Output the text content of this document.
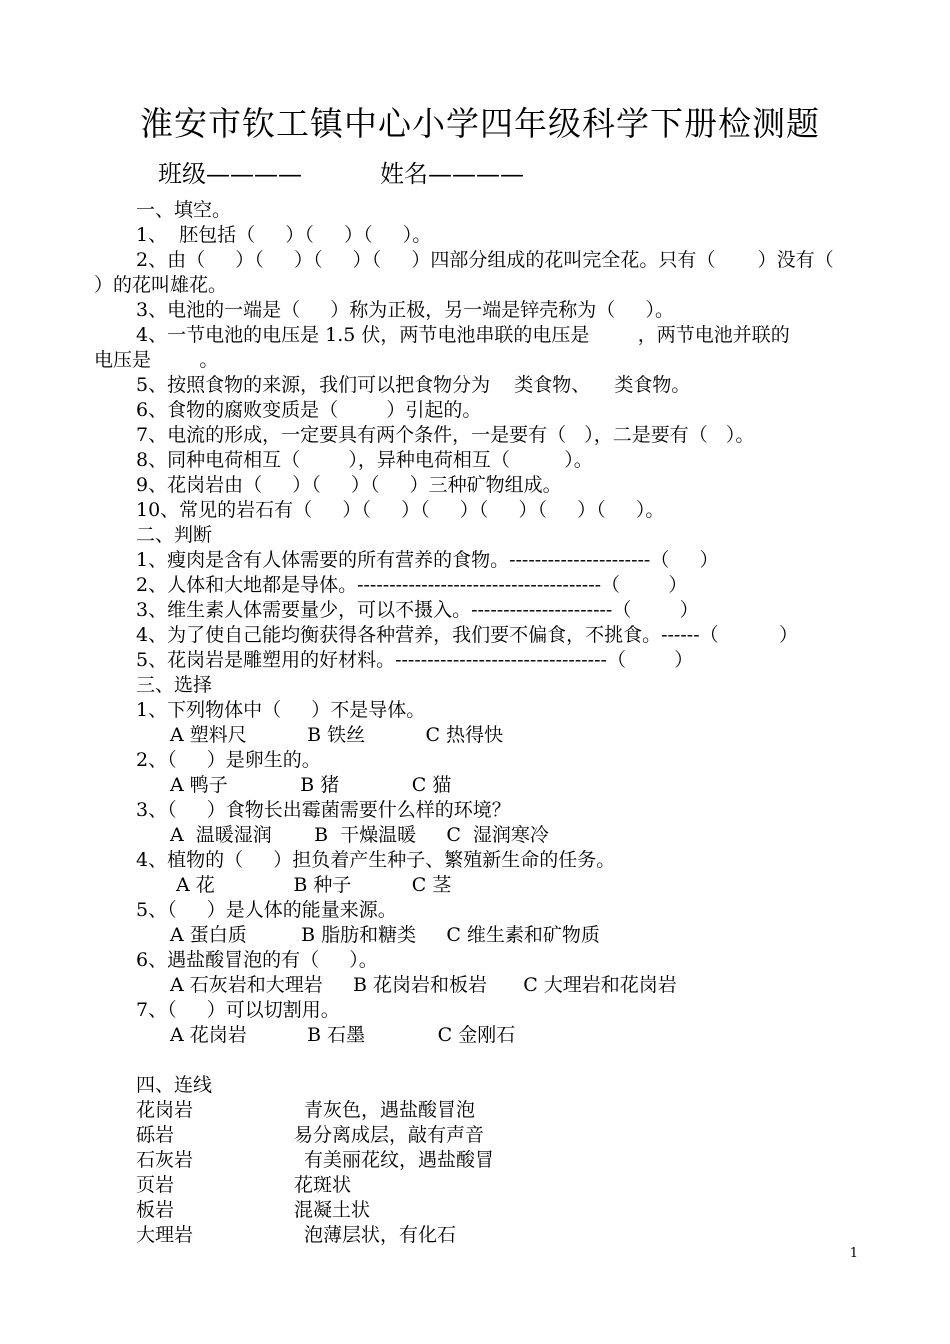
淮安市钦工镇中心小学四年级科学下册检测题
班级————	姓名————
一、填空。
1、  胚包括（     ）（     ）（     ）。
2、由（     ）（     ）（     ）（     ）四部分组成的花叫完全花。只有（       ）没有（
）的花叫雄花。
3、电池的一端是（     ）称为正极，另一端是锌壳称为（     ）。
4、一节电池的电压是 1.5 伏，两节电池串联的电压是        ，两节电池并联的
电压是        。
5、按照食物的来源，我们可以把食物分为    类食物、    类食物。
6、食物的腐败变质是（        ）引起的。
7、电流的形成，一定要具有两个条件，一是要有（   ），二是要有（   ）。
8、同种电荷相互（        ），异种电荷相互（         ）。
9、花岗岩由（     ）（     ）（     ）三种矿物组成。
10、常见的岩石有（     ）（     ）（     ）（     ）（     ）（     ）。
二、判断
1、瘦肉是含有人体需要的所有营养的食物。----------------------（     ）
2、人体和大地都是导体。--------------------------------------（        ）
3、维生素人体需要量少，可以不摄入。----------------------（        ）
4、为了使自己能均衡获得各种营养，我们要不偏食，不挑食。------（          ）
5、花岗岩是雕塑用的好材料。---------------------------------（        ）
三、选择
1、下列物体中（     ）不是导体。
A 塑料尺          B 铁丝          C 热得快
2、（     ）是卵生的。
A 鸭子            B 猪            C 猫
3、（     ）食物长出霉菌需要什么样的环境？
A  温暖湿润       B  干燥温暖     C  湿润寒冷
4、植物的（     ）担负着产生种子、繁殖新生命的任务。
A 花             B 种子          C 茎
5、（     ）是人体的能量来源。
A 蛋白质         B 脂肪和糖类     C 维生素和矿物质
6、遇盐酸冒泡的有（     ）。
A 石灰岩和大理岩     B 花岗岩和板岩      C 大理岩和花岗岩
7、（     ）可以切割用。
A 花岗岩          B 石墨            C 金刚石
四、连线
花岗岩	青灰色，遇盐酸冒泡
砾岩	易分离成层，敲有声音
石灰岩	有美丽花纹，遇盐酸冒
页岩	花斑状
板岩	混凝土状
大理岩	泡薄层状，有化石
1
